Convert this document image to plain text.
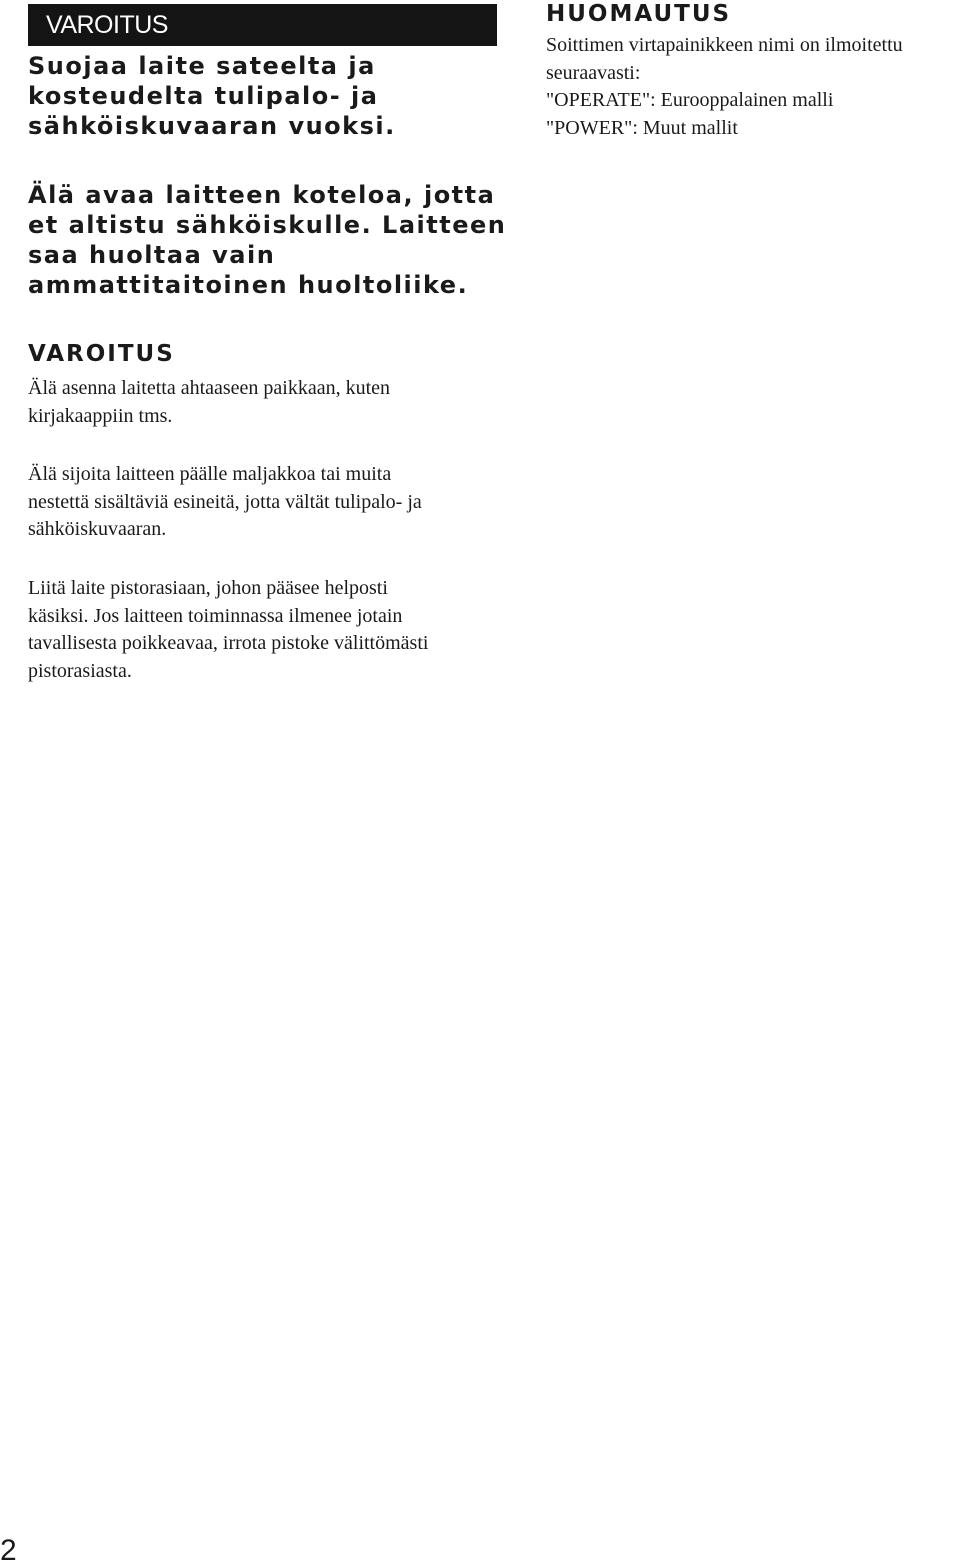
VAROITUS

Suojaa laite sateelta ja
kosteudelta tulipalo- ja
sähköiskuvaaran vuoksi.

Älä avaa laitteen koteloa, jotta
et altistu sähköiskulle. Laitteen
saa huoltaa vain
ammattitaitoinen huoltoliike.

VAROITUS

Älä asenna laitetta ahtaaseen paikkaan, kuten
kirjakaappiin tms.

Älä sijoita laitteen päälle maljakkoa tai muita
nestettä sisältäviä esineitä, jotta vältät tulipalo- ja
sähköiskuvaaran.

Liitä laite pistorasiaan, johon pääsee helposti
käsiksi. Jos laitteen toiminnassa ilmenee jotain
tavallisesta poikkeavaa, irrota pistoke välittömästi
pistorasiasta.

HUOMAUTUS

Soittimen virtapainikkeen nimi on ilmoitettu
seuraavasti:
"OPERATE": Eurooppalainen malli
"POWER": Muut mallit

2
